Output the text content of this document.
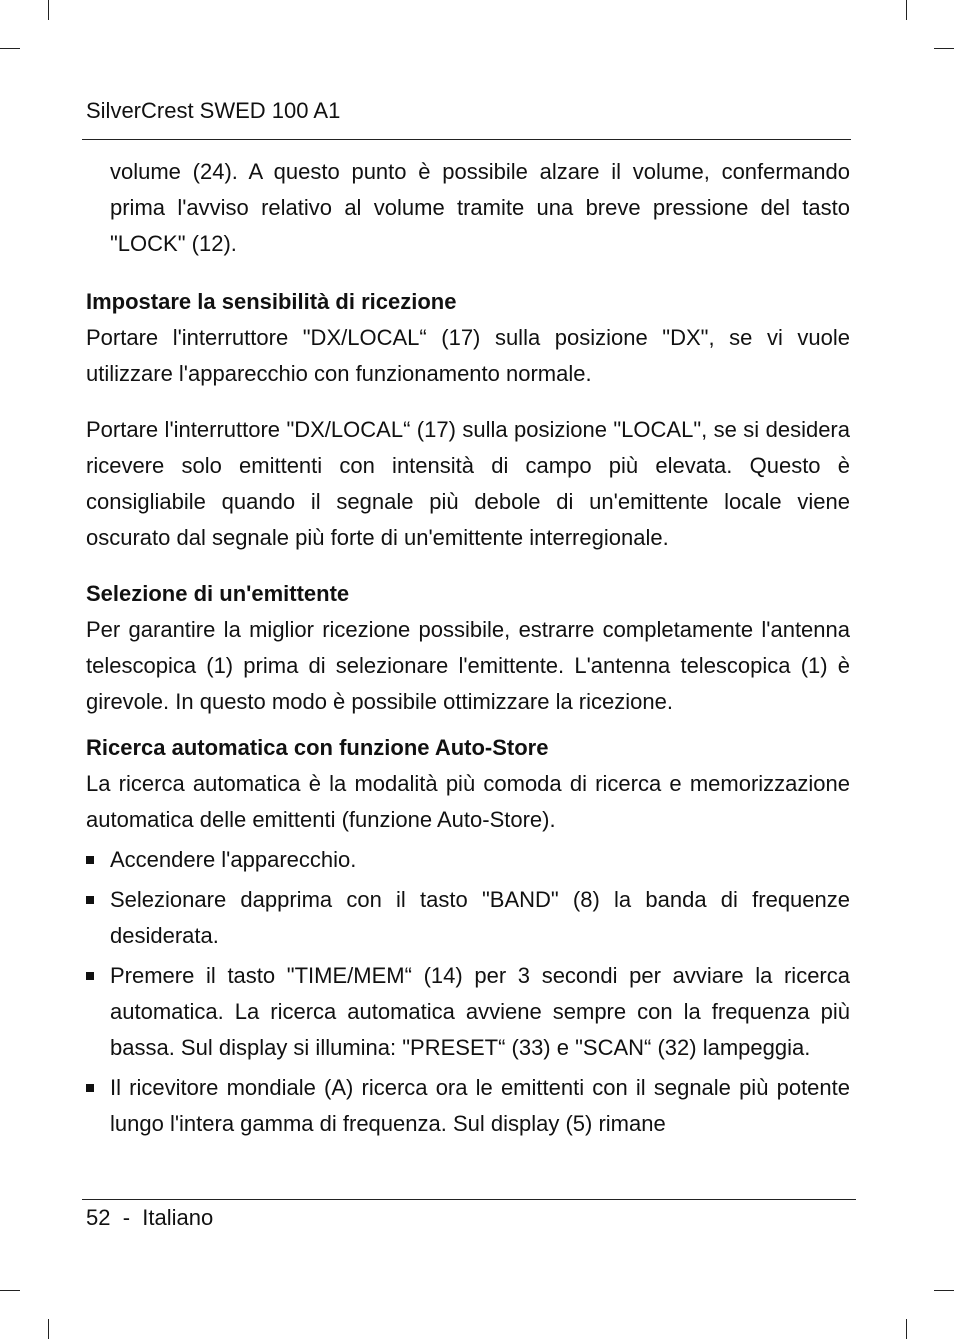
SilverCrest SWED 100 A1

volume (24). A questo punto è possibile alzare il volume, confermando prima l'avviso relativo al volume tramite una breve pressione del tasto "LOCK" (12).

Impostare la sensibilità di ricezione

Portare l'interruttore "DX/LOCAL“ (17) sulla posizione "DX", se vi vuole utilizzare l'apparecchio con funzionamento normale.

Portare l'interruttore "DX/LOCAL“ (17) sulla posizione "LOCAL", se si desidera ricevere solo emittenti con intensità di campo più elevata. Questo è consigliabile quando il segnale più debole di un'emittente locale viene oscurato dal segnale più forte di un'emittente interregionale.

Selezione di un'emittente

Per garantire la miglior ricezione possibile, estrarre completamente l'antenna telescopica (1) prima di selezionare l'emittente. L'antenna telescopica (1) è girevole. In questo modo è possibile ottimizzare la ricezione.

Ricerca automatica con funzione Auto-Store

La ricerca automatica è la modalità più comoda di ricerca e memorizzazione automatica delle emittenti (funzione Auto-Store).

Accendere l'apparecchio.
Selezionare dapprima con il tasto "BAND" (8) la banda di frequenze desiderata.
Premere il tasto "TIME/MEM“ (14) per 3 secondi per avviare la ricerca automatica. La ricerca automatica avviene sempre con la frequenza più bassa. Sul display si illumina: "PRESET“ (33) e "SCAN“ (32) lampeggia.
Il ricevitore mondiale (A) ricerca ora le emittenti con il segnale più potente lungo l'intera gamma di frequenza. Sul display (5) rimane
52 - Italiano
